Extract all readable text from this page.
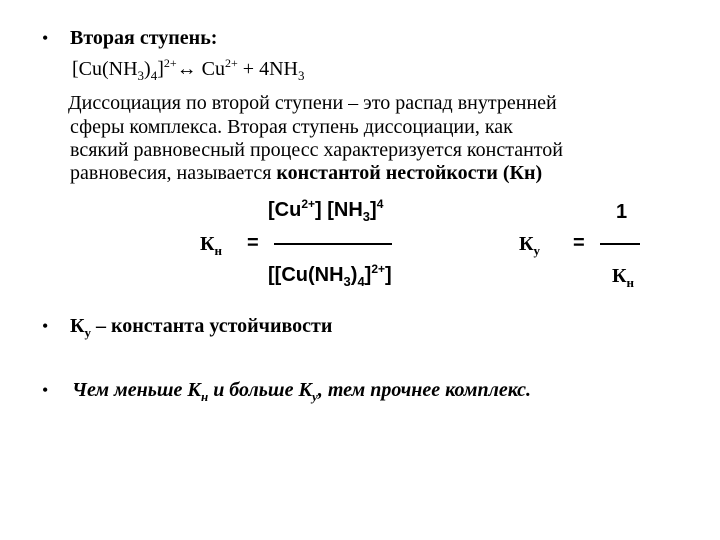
• Вторая ступень:
$[Cu(NH_3)_4]^{2+}\leftrightarrow$ $Cu^{2+} + 4NH_3$
Диссоциация по второй ступени – это распад внутренней
сферы комплекса. Вторая ступень диссоциации, как
всякий равновесный процесс характеризуется константой
равновесия, называется константой нестойкости (Кн)
$[Cu^{2+}]$ $[NH_3]^4$
$К_н$ =
$[[Cu(NH_3)_4]^{2+}]$
1
$К_у$ =
$К_н$
• $К_у$ – константа устойчивости
• Чем меньше $К_н$ и больше $К_у$, тем прочнее комплекс.
